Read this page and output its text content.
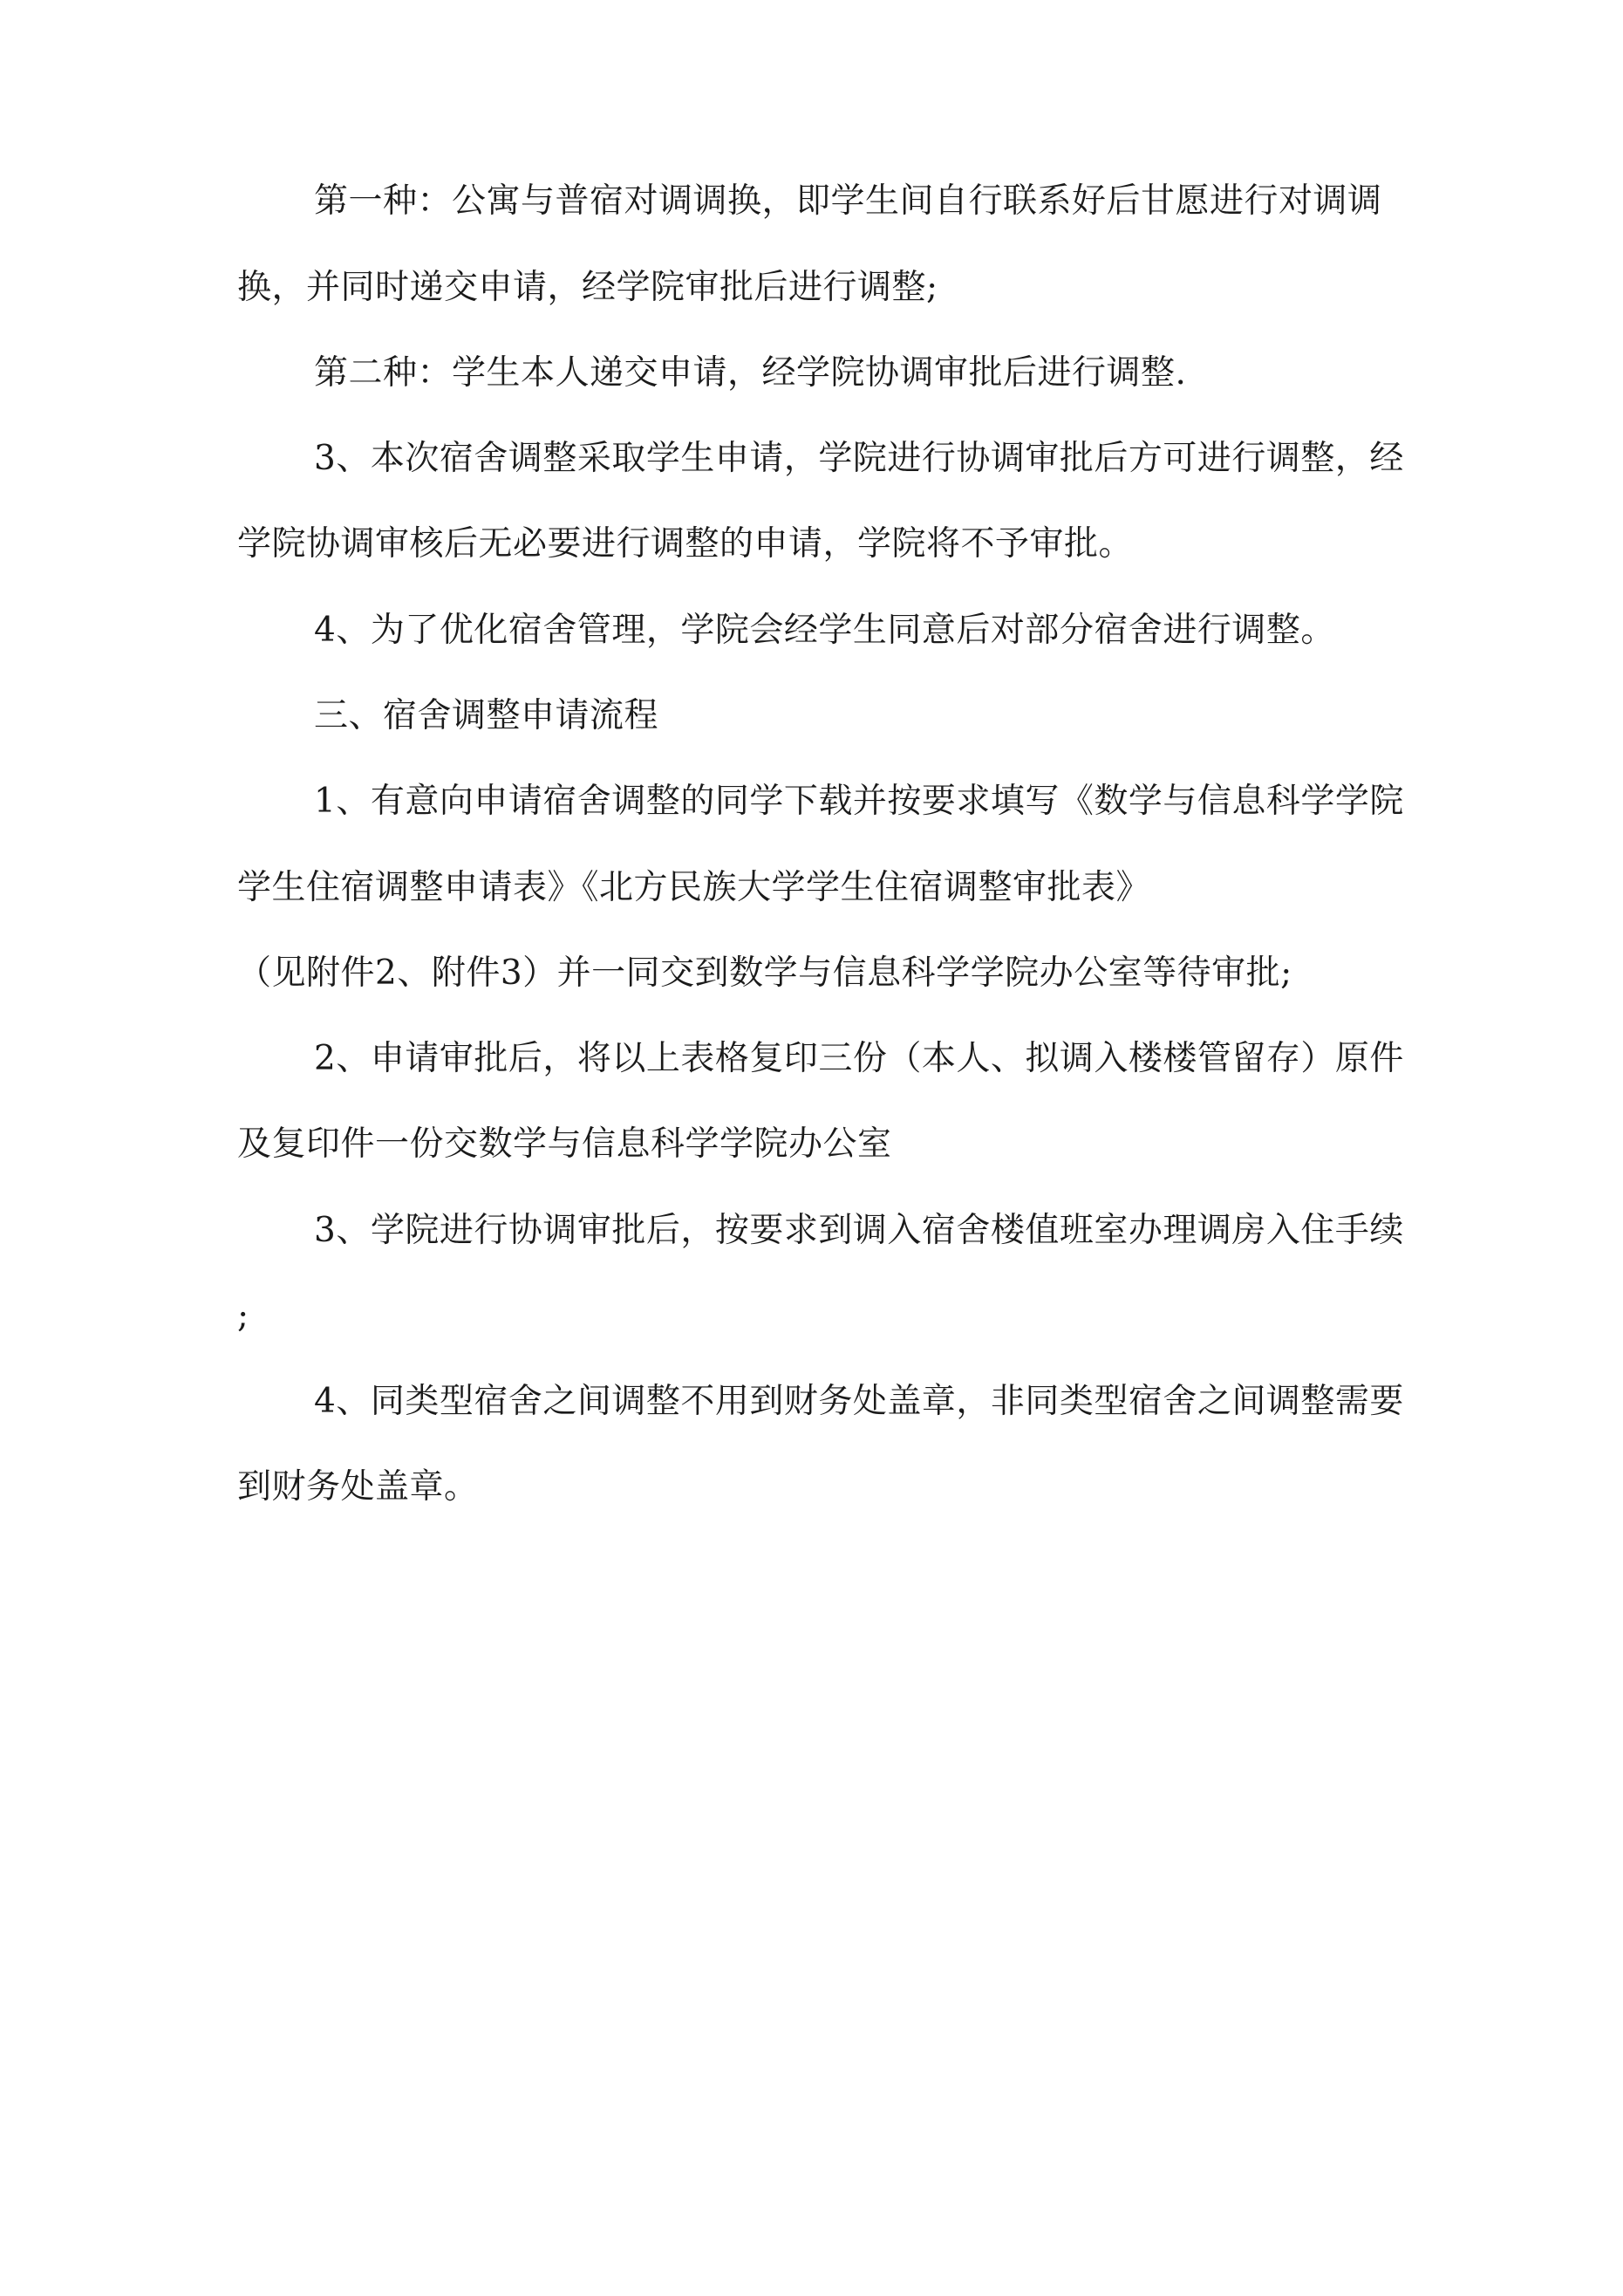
第一种：公寓与普宿对调调换，即学生间自行联系好后甘愿进行对调调

换，并同时递交申请，经学院审批后进行调整;

第二种：学生本人递交申请，经学院协调审批后进行调整.

3、本次宿舍调整采取学生申请，学院进行协调审批后方可进行调整，经

学院协调审核后无必要进行调整的申请，学院将不予审批。

4、为了优化宿舍管理，学院会经学生同意后对部分宿舍进行调整。

三、宿舍调整申请流程

1、有意向申请宿舍调整的同学下载并按要求填写《数学与信息科学学院

学生住宿调整申请表》《北方民族大学学生住宿调整审批表》

（见附件2、附件3）并一同交到数学与信息科学学院办公室等待审批;

2、申请审批后，将以上表格复印三份（本人、拟调入楼楼管留存）原件

及复印件一份交数学与信息科学学院办公室

3、学院进行协调审批后，按要求到调入宿舍楼值班室办理调房入住手续

;

4、同类型宿舍之间调整不用到财务处盖章，非同类型宿舍之间调整需要

到财务处盖章。
